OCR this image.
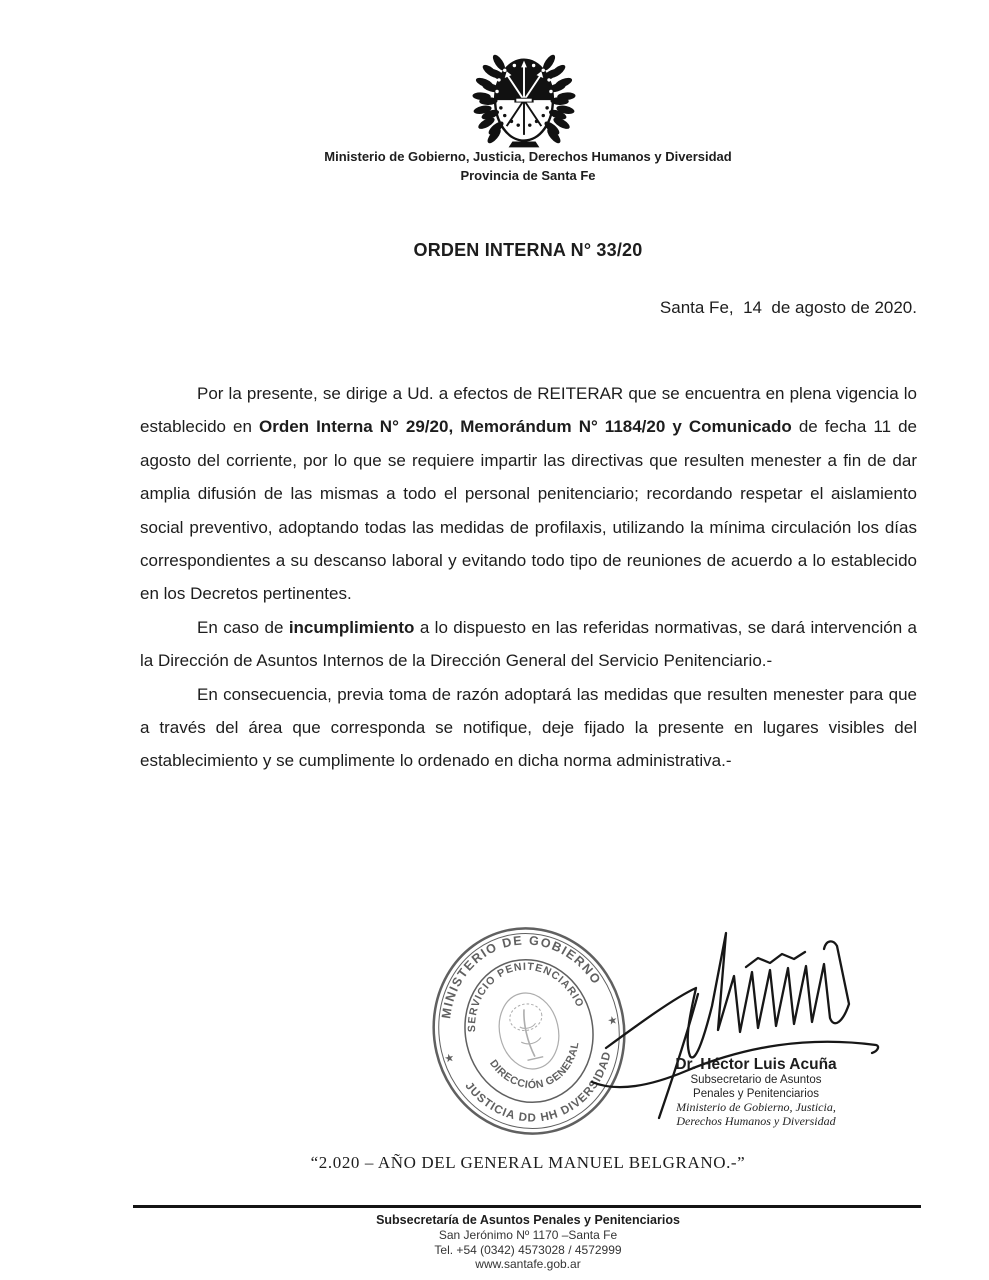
Ministerio de Gobierno, Justicia, Derechos Humanos y Diversidad
Provincia de Santa Fe
ORDEN INTERNA N° 33/20
Santa Fe,  14  de agosto de 2020.

Por la presente, se dirige a Ud. a efectos de REITERAR que se encuentra en plena vigencia lo establecido en Orden Interna N° 29/20, Memorándum N° 1184/20 y Comunicado de fecha 11 de agosto del corriente, por lo que se requiere impartir las directivas que resulten menester a fin de dar amplia difusión de las mismas a todo el personal penitenciario; recordando respetar el aislamiento social preventivo, adoptando todas las medidas de profilaxis, utilizando la mínima circulación los días correspondientes a su descanso laboral y evitando todo tipo de reuniones de acuerdo a lo establecido en los Decretos pertinentes.

En caso de incumplimiento a lo dispuesto en las referidas normativas, se dará intervención a la Dirección de Asuntos Internos de la Dirección General del Servicio Penitenciario.-

En consecuencia, previa toma de razón adoptará las medidas que resulten menester para que a través del área que corresponda se notifique, deje fijado la presente en lugares visibles del establecimiento y se cumplimente lo ordenado en dicha norma administrativa.-

MINISTERIO DE GOBIERNO
JUSTICIA DD HH DIVERSIDAD
SERVICIO PENITENCIARIO
DIRECCIÓN GENERAL
★
★
Dr. Héctor Luis Acuña
Subsecretario de Asuntos
Penales y Penitenciarios
Ministerio de Gobierno, Justicia,
Derechos Humanos y Diversidad
“2.020 – AÑO DEL GENERAL MANUEL BELGRANO.-”
Subsecretaría de Asuntos Penales y Penitenciarios
San Jerónimo Nº 1170 –Santa Fe
Tel. +54 (0342) 4573028 / 4572999
www.santafe.gob.ar
